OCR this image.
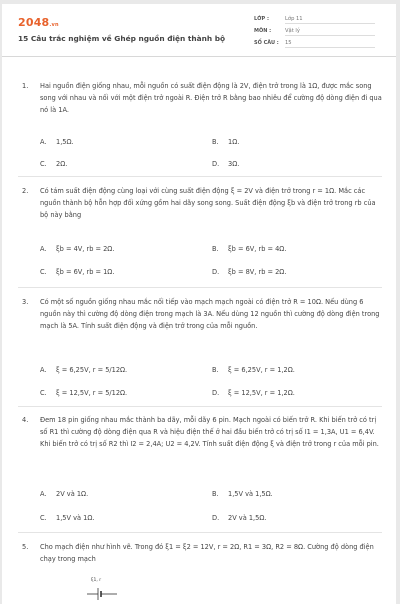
2048.vn
15 Câu trắc nghiệm về Ghép nguồn điện thành bộ
LỚP :	Lớp 11
MÔN :	Vật lý
SỐ CÂU : 15
1. Hai nguồn điện giống nhau, mỗi nguồn có suất điện động là 2V, điện trở trong là 1Ω, được mắc song song với nhau và nối với một điện trở ngoài R. Điện trở R bằng bao nhiêu để cường độ dòng điện đi qua nó là 1A.
A. 1,5Ω.	B. 1Ω.
C. 2Ω.	D. 3Ω.
2. Có tám suất điện động cùng loại với cùng suất điện động ξ = 2V và điện trở trong r = 1Ω. Mắc các nguồn thành bộ hỗn hợp đối xứng gồm hai dãy song song. Suất điện động ξb và điện trở trong rb của bộ này bằng
A. ξb = 4V, rb = 2Ω.	B. ξb = 6V, rb = 4Ω.
C. ξb = 6V, rb = 1Ω.	D. ξb = 8V, rb = 2Ω.
3. Có một số nguồn giống nhau mắc nối tiếp vào mạch mạch ngoài có điện trở R = 10Ω. Nếu dùng 6 nguồn này thì cường độ dòng điện trong mạch là 3A. Nếu dùng 12 nguồn thì cường độ dòng điện trong mạch là 5A. Tính suất điện động và điện trở trong của mỗi nguồn.
A. ξ = 6,25V, r = 5/12Ω.	B. ξ = 6,25V, r = 1,2Ω.
C. ξ = 12,5V, r = 5/12Ω.	D. ξ = 12,5V, r = 1,2Ω.
4. Đem 18 pin giống nhau mắc thành ba dãy, mỗi dãy 6 pin. Mạch ngoài có biến trở R. Khi biến trở có trị số R1 thì cường độ dòng điện qua R và hiệu điện thế ở hai đầu biến trở có trị số I1 = 1,3A, U1 = 6,4V. Khi biến trở có trị số R2 thì I2 = 2,4A; U2 = 4,2V. Tính suất điện động ξ và điện trở trong r của mỗi pin.
A. 2V và 1Ω.	B. 1,5V và 1,5Ω.
C. 1,5V và 1Ω.	D. 2V và 1,5Ω.
5. Cho mạch điện như hình vẽ. Trong đó ξ1 = ξ2 = 12V, r = 2Ω, R1 = 3Ω, R2 = 8Ω. Cường độ dòng điện chạy trong mạch
ξ1, r
